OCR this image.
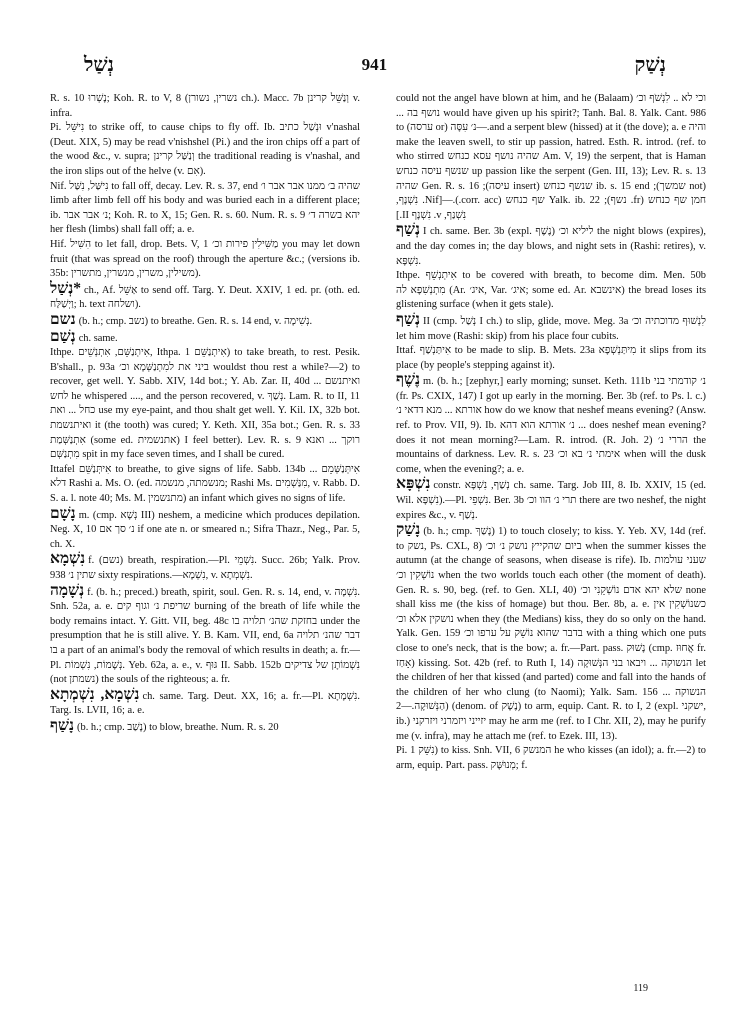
נְשַׁל	941	נְשַׁק

R. s. 10 נָשְׁרוּ; Koh. R. to V, 8 (נשרין, נשורן ch.). Macc. 7b וְנַשֵּׁל קרינן v. infra.

Pi. נִישֵּׁל to strike off, to cause chips to fly off. Ib. וּנְשַׁל כתיב v'nashal (Deut. XIX, 5) may be read v'nishshel (Pi.) and the iron chips off a part of the wood &c., v. supra; וְנַשַּׁל קרינן the traditional reading is v'nashal, and the iron slips out of the helve (v. אִם).

Nif. נִישַּׁל, נִשַּׁל to fall off, decay. Lev. R. s. 37, end שהיה ב׳ ממנו אבר אבר ו׳ limb after limb fell off his body and was buried each in a different place; ib. נ׳ אבר אבר; Koh. R. to X, 15; Gen. R. s. 60. Num. R. s. 9 יהא בשרה ד׳ her flesh (limbs) shall fall off; a. e.

Hif. הִשִּׁיל to let fall, drop. Bets. V, 1 מַשִּׁילִין פירות וכ׳ you may let down fruit (that was spread on the roof) through the aperture &c.; (versions ib. 35b: משילין, משרין, מנשרין, מתשרין).

*נְשַׁל ch., Af. אַשֵּׁל to send off. Targ. Y. Deut. XXIV, 1 ed. pr. (oth. ed. וַיְשַׁלַּח; h. text ושלחה).

נשם (b. h.; cmp. נשב) to breathe. Gen. R. s. 14 end, v. נְשִׁימָה.

נְשַׁם ch. same.

Ithpe. אִיתְנַשֵּׁם, אִתְנְשֵׁים, Ithpa. אִיתְנַשֵּׁם 1) to take breath, to rest. Pesik. B'shall., p. 93a ביני את למִתְנַשְּׁמָא וכ׳ wouldst thou rest a while?—2) to recover, get well. Y. Sabb. XIV, 14d bot.; Y. Ab. Zar. II, 40d ואיתנשם ... לחש he whispered ...., and the person recovered, v. נְשַׁךְ. Lam. R. to II, 11 כחל ... ואת use my eye-paint, and thou shalt get well. Y. Kil. IX, 32b bot. ואיתנשמת it (the tooth) was cured; Y. Keth. XII, 35a bot.; Gen. R. s. 33 אִתְנַשְּׁמַת (some ed. אתנשמית) I feel better). Lev. R. s. 9 רוקך ... ואנא מִתְנַשְּׁם spit in my face seven times, and I shall be cured.

Ittafel אִיתְּנַשֵּׁם to breathe, to give signs of life. Sabb. 134b אִיתְּנַשְּׁמֵם ... דלא Rashi a. Ms. O. (ed. מנשמתה, מנשמה; Rashi Ms. מִנַּשְׁמִים, v. Rabb. D. S. a. l. note 40; Ms. M. מתנשמין) an infant which gives no signs of life.

נָשָׁם m. (cmp. נְשָׁא III) neshem, a medicine which produces depilation. Neg. X, 10 נ׳ סך אם if one ate n. or smeared n.; Sifra Thazr., Neg., Par. 5, ch. X.

נִשְׁמָא f. (נשם) breath, respiration.—Pl. נִשְׁמֵי. Succ. 26b; Yalk. Prov. 938 שתין נ׳ sixty respirations.—נִשְׁמָא, v. נִשְׁמְתָא.

נְשָׁמָה f. (b. h.; preced.) breath, spirit, soul. Gen. R. s. 14, end, v. נִשְׁמָה. Snh. 52a, a. e. שריפת נ׳ וגוף קים burning of the breath of life while the body remains intact. Y. Gitt. VII, beg. 48c בחזקת שהנ׳ תלויה בו under the presumption that he is still alive. Y. B. Kam. VII, end, 6a דבר שהנ׳ תלויה בו a part of an animal's body the removal of which results in death; a. fr.—Pl. נְשָׁמוֹת, נִשְׁמוֹת. Yeb. 62a, a. e., v. גּוּף II. Sabb. 152b נִשְׁמוֹתָן של צדיקים (not נשמתן) the souls of the righteous; a. fr.

נִשְׁמָא, נִשְׁמְתָא ch. same. Targ. Deut. XX, 16; a. fr.—Pl. נִשְׁמָתָא. Targ. Is. LVII, 16; a. e.

נָשַׁף (b. h.; cmp. נָשַׁב) to blow, breathe. Num. R. s. 20

וכי לא .. לִנְשֹׁף וכ׳ could not the angel have blown at him, and he (Balaam) would have given up his spirit?; Tanh. Bal. 8. Yalk. Cant. 986 נושף בה ... והיה and a serpent blew (hissed) at it (the dove); a. e.—נ׳ עִסָּה (or ערסה) to make the leaven swell, to stir up passion, hatred. Esth. R. introd. (ref. to Am. V, 19) the serpent, that is Haman שהיה נושף עסא כנחש who stirred up passion like the serpent (Gen. III, 13); Lev. R. s. 13 שנשף עיסה כנחש (not שמשך); ib. s. 15 end שנשף כנחש (insert עיסה); Gen. R. s. 16 שהיה חמן שף כנחש (fr. נשף); Yalk. ib. 22 שף כנחש (corr. acc.).—[Nif. נִשְׁנָף, נִשְׁנַף, v. נִשְׁנָף II.]

נְשַׁף I ch. same. Ber. 3b (expl. נֶשֶׁף) ליליא וכ׳ the night blows (expires), and the day comes in; the day blows, and night sets in (Rashi: retires), v. נִשְׁפָּא.

Ithpe. אִיתְנְשֵׁף to be covered with breath, to become dim. Men. 50b מִתְנְשִׁפָא לה (Ar. איג׳, Var. איג׳; some ed. Ar. אינשבא) the bread loses its glistening surface (when it gets stale).

נְשַׁף II (cmp. נְשַׁל I ch.) to slip, glide, move. Meg. 3a לִנְשׁוּף מדוכתיה וכ׳ let him move (Rashi: skip) from his place four cubits.

Ittaf. אִיתַּנְשַׁף to be made to slip. B. Mets. 23a מִיתַּנְשְׁפָא it slips from its place (by people's stepping against it).

נֶשֶׁף m. (b. h.; [zephyr,] early morning; sunset. Keth. 111b נ׳ קודמתי בני (fr. Ps. CXIX, 147) I got up early in the morning. Ber. 3b (ref. to Ps. l. c.) אורתא ... מנא דדאי נ׳ how do we know that neshef means evening? (Answ. ref. to Prov. VII, 9). Ib. נ׳ אורתא הוא דהא ... does neshef mean evening? does it not mean morning?—Lam. R. introd. (R. Joh. 2) הררי נ׳ the mountains of darkness. Lev. R. s. 23 אימתי נ׳ בא וכ׳ when will the dusk come, when the evening?; a. e.

נִשְׁפָּא constr. נְשַׁף, נִשְׁפָּא ch. same. Targ. Job III, 8. Ib. XXIV, 15 (ed. Wil. נִשְׁפָּא).—Pl. נִשְׁפֵי. Ber. 3b תרי נ׳ הוו וכ׳ there are two neshef, the night expires &c., v. נְשַׁף.

נָשַׁק (b. h.; cmp. נָשַׁךְ) 1) to touch closely; to kiss. Y. Yeb. XV, 14d (ref. to נשק, Ps. CXL, 8) ביום שהקייץ נושק נ׳ וכ׳ when the summer kisses the autumn (at the change of seasons, when disease is rife). Ib. שעני עולמות נוֹשְׁקִין וכ׳ when the two worlds touch each other (the moment of death). Gen. R. s. 90, beg. (ref. to Gen. XLI, 40) שלא יהא אדם נוֹשְׁקֵנִי וכ׳ none shall kiss me (the kiss of homage) but thou. Ber. 8b, a. e. כשנוֹשְׁקִין אין נושקין אלא וכ׳ when they (the Medians) kiss, they do so only on the hand. Yalk. Gen. 159 בדבר שהוא נוֹשֵׁק על ערפו וכ׳ with a thing which one puts close to one's neck, that is the bow; a. fr.—Part. pass. נָשׁוּק (cmp. אֲחוּז fr. אָחַז) kissing. Sot. 42b (ref. to Ruth I, 14) הנשוקה ... ויבאו בני הנְּשׁוּקָה let the children of her that kissed (and parted) come and fall into the hands of the children of her who clung (to Naomi); Yalk. Sam. 156 הנשוקה ... הַנְּשׁוּקָה.—2) (denom. of נֶשֶׁק) to arm, equip. Cant. R. to I, 2 (expl. ישקני, ib.) יזייני ויזמרני ויזרקני may he arm me (ref. to I Chr. XII, 2), may he purify me (v. infra), may he attach me (ref. to Ezek. III, 13).

Pi. נִשֵּׁק 1) to kiss. Snh. VII, 6 המנשק he who kisses (an idol); a. fr.—2) to arm, equip. Part. pass. מְנוּשָּׁק; f.

119
